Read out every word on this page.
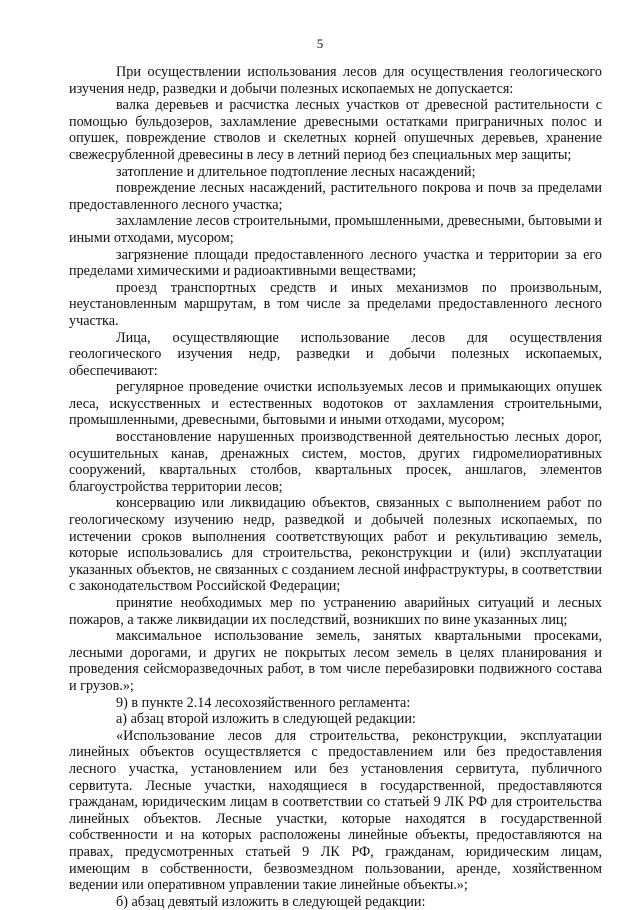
5

При осуществлении использования лесов для осуществления геологического изучения недр, разведки и добычи полезных ископаемых не допускается:

валка деревьев и расчистка лесных участков от древесной растительности с помощью бульдозеров, захламление древесными остатками приграничных полос и опушек, повреждение стволов и скелетных корней опушечных деревьев, хранение свежесрубленной древесины в лесу в летний период без специальных мер защиты;

затопление и длительное подтопление лесных насаждений;

повреждение лесных насаждений, растительного покрова и почв за пределами предоставленного лесного участка;

захламление лесов строительными, промышленными, древесными, бытовыми и иными отходами, мусором;

загрязнение площади предоставленного лесного участка и территории за его пределами химическими и радиоактивными веществами;

проезд транспортных средств и иных механизмов по произвольным, неустановленным маршрутам, в том числе за пределами предоставленного лесного участка.

Лица, осуществляющие использование лесов для осуществления геологического изучения недр, разведки и добычи полезных ископаемых, обеспечивают:

регулярное проведение очистки используемых лесов и примыкающих опушек леса, искусственных и естественных водотоков от захламления строительными, промышленными, древесными, бытовыми и иными отходами, мусором;

восстановление нарушенных производственной деятельностью лесных дорог, осушительных канав, дренажных систем, мостов, других гидромелиоративных сооружений, квартальных столбов, квартальных просек, аншлагов, элементов благоустройства территории лесов;

консервацию или ликвидацию объектов, связанных с выполнением работ по геологическому изучению недр, разведкой и добычей полезных ископаемых, по истечении сроков выполнения соответствующих работ и рекультивацию земель, которые использовались для строительства, реконструкции и (или) эксплуатации указанных объектов, не связанных с созданием лесной инфраструктуры, в соответствии с законодательством Российской Федерации;

принятие необходимых мер по устранению аварийных ситуаций и лесных пожаров, а также ликвидации их последствий, возникших по вине указанных лиц;

максимальное использование земель, занятых квартальными просеками, лесными дорогами, и других не покрытых лесом земель в целях планирования и проведения сейсморазведочных работ, в том числе перебазировки подвижного состава и грузов.»;

9) в пункте 2.14 лесохозяйственного регламента:

а) абзац второй изложить в следующей редакции:

«Использование лесов для строительства, реконструкции, эксплуатации линейных объектов осуществляется с предоставлением или без предоставления лесного участка, установлением или без установления сервитута, публичного сервитута. Лесные участки, находящиеся в государственной, предоставляются гражданам, юридическим лицам в соответствии со статьей 9 ЛК РФ для строительства линейных объектов. Лесные участки, которые находятся в государственной собственности и на которых расположены линейные объекты, предоставляются на правах, предусмотренных статьей 9 ЛК РФ, гражданам, юридическим лицам, имеющим в собственности, безвозмездном пользовании, аренде, хозяйственном ведении или оперативном управлении такие линейные объекты.»;

б) абзац девятый изложить в следующей редакции:
